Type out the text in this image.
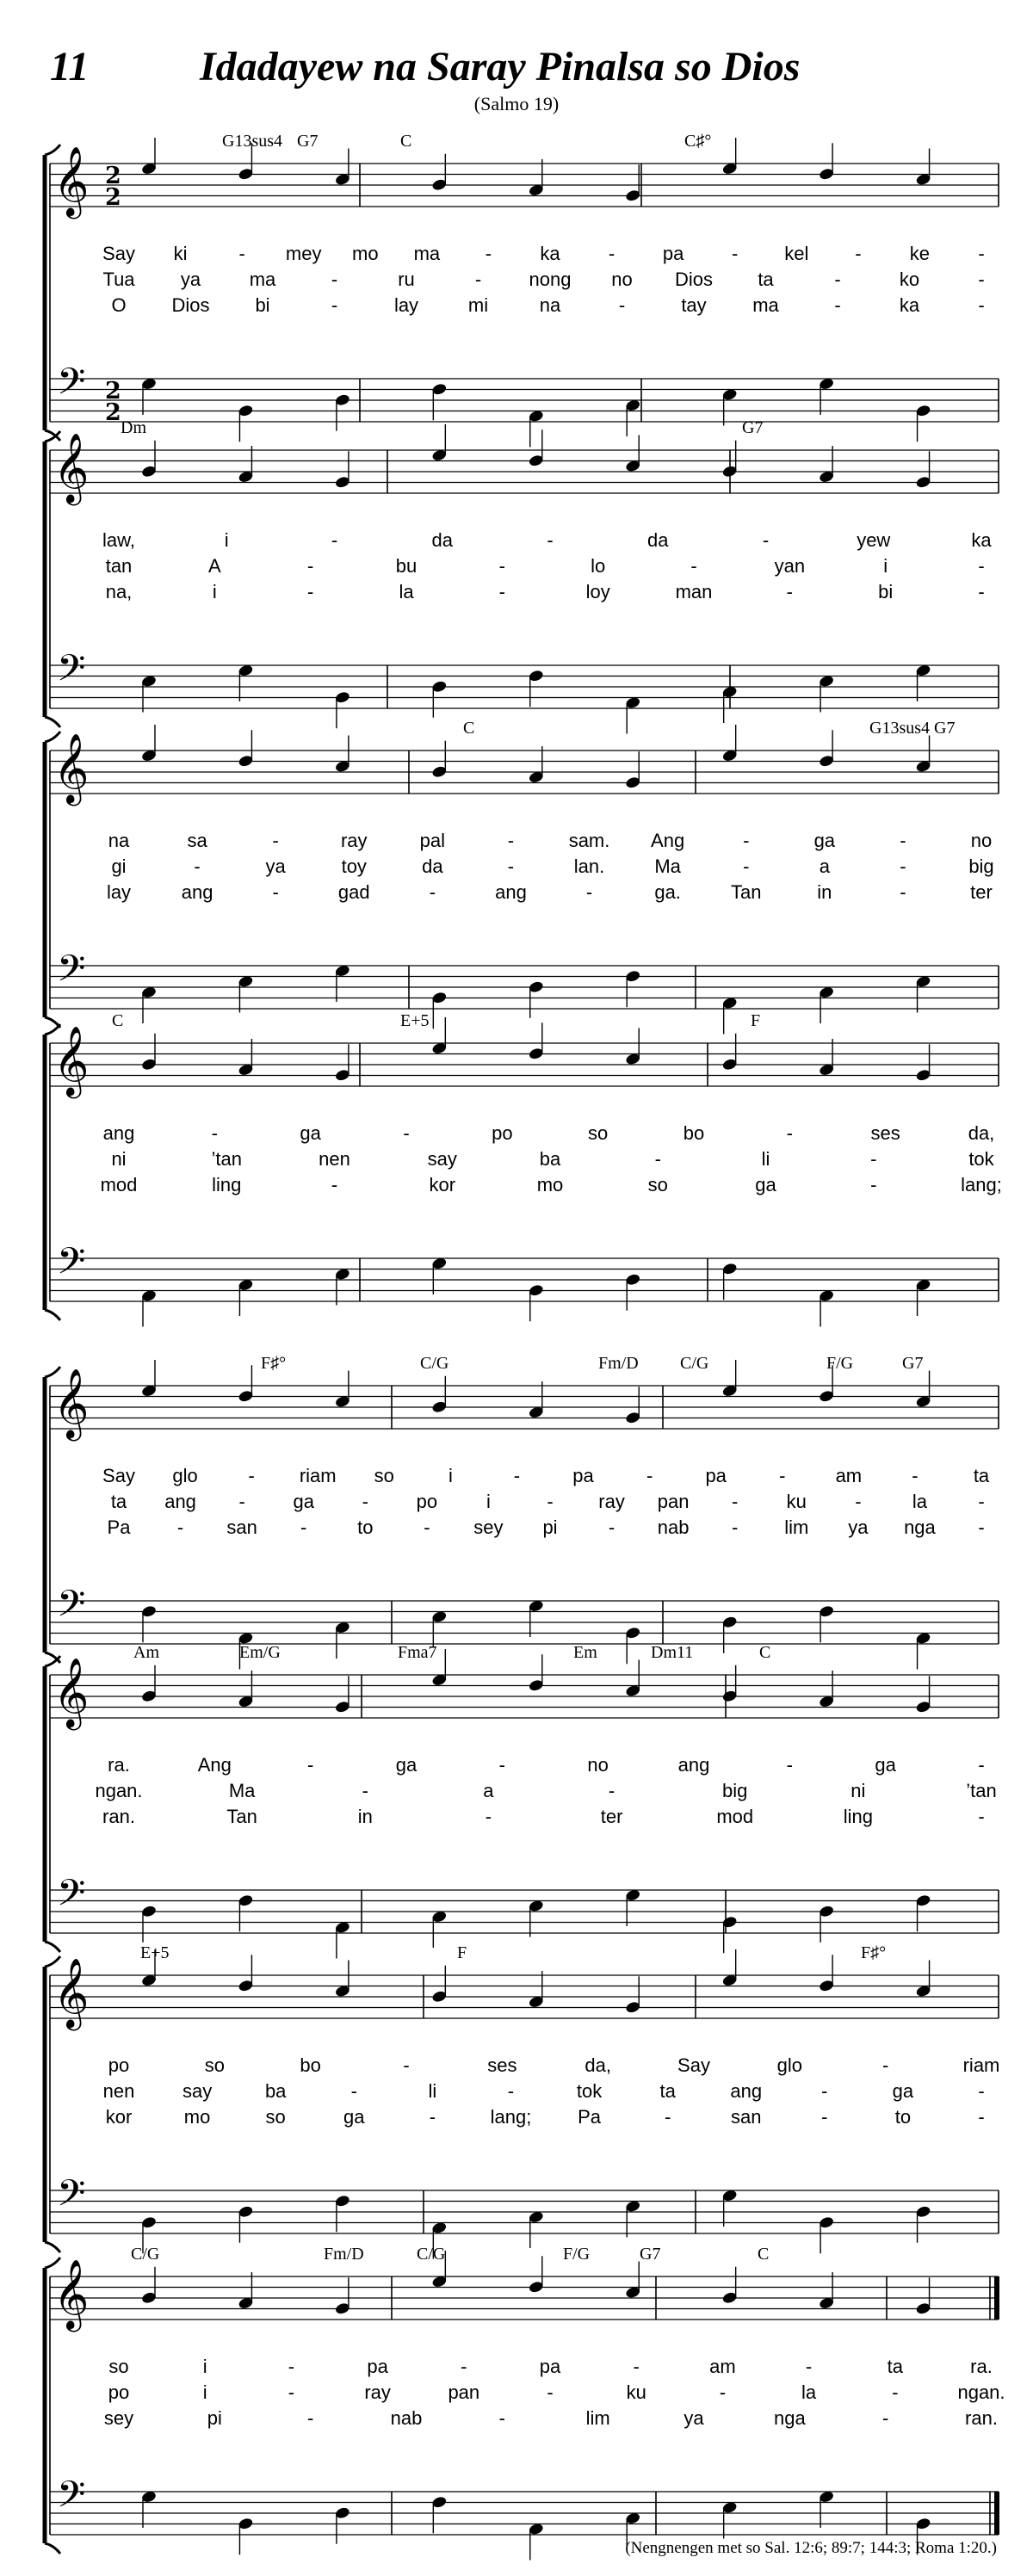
11	Idadayew na Saray Pinalsa so Dios
(Salmo 19)
G13sus4 G7	C	C♯°
2
2
2
2
Say ki	- mey mo ma -	ka	-	pa	- kel -	ke	-
Tua ya	ma	-	ru	-	nong no Dios ta	-	ko	-
O Dios bi	-	lay	mi	na	-	tay ma	-	ka	-
𝄞
𝄢
Dm	G7
law,	i	-	da	-	da	-	yew	ka
tan	A	-	bu	-	lo	-	yan	i	-
na,	i	-	la	-	loy	man	-	bi	-
𝄞
𝄢
C	G13sus4 G7
na	sa	-	ray	pal	-	sam. Ang	-	ga	-	no
gi	-	ya	toy	da	-	lan.	Ma	-	a	-	big
lay	ang	-	gad	-	ang	-	ga.	Tan	in	-	ter
𝄞
𝄢
C	E+5	F
ang	-	ga	-	po	so	bo	-	ses	da,
ni	’tan	nen	say	ba	-	li	-	tok
mod	ling	-	kor	mo	so	ga	-	lang;
𝄞
𝄢
F♯°	C/G	Fm/D C/G	F/G	G7
Say glo	- riam so	i	-	pa	-	pa	-	am	-	ta
ta ang -	ga	-	po	i	- ray pan -	ku	-	la	-
Pa - san -	to	- sey pi	- nab - lim ya nga -
𝄞
𝄢
Am	Em/G	Fma7	Em	Dm11	C
ra.	Ang	-	ga	-	no	ang	-	ga	-
ngan.	Ma	-	a	-	big	ni	’tan
ran.	Tan	in	-	ter	mod	ling	-
𝄞
𝄢
E+5	F	F♯°
po	so	bo	-	ses	da,	Say	glo	-	riam
nen	say	ba	-	li	-	tok	ta	ang	-	ga	-
kor	mo	so	ga	-	lang; Pa	-	san	-	to	-
𝄞
𝄢
C/G	Fm/D	C/G	F/G	G7	C
so	i	-	pa	-	pa	-	am	-	ta	ra.
po	i	-	ray	pan	-	ku	-	la	-	ngan.
sey	pi	-	nab	-	lim	ya	nga	-	ran.
𝄞
𝄢
(Nengnengen met so Sal. 12:6; 89:7; 144:3; Roma 1:20.)
